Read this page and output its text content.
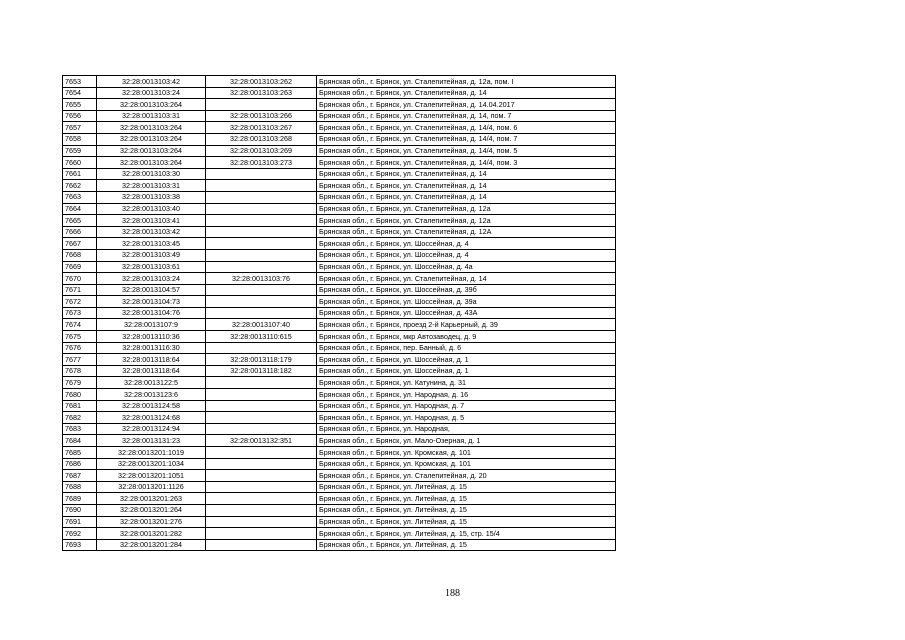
7653	32:28:0013103:42	32:28:0013103:262	Брянская обл., г. Брянск, ул. Сталепитейная, д. 12а, пом. I
7654	32:28:0013103:24	32:28:0013103:263	Брянская обл., г. Брянск, ул. Сталепитейная, д. 14
7655	32:28:0013103:264		Брянская обл., г. Брянск, ул. Сталепитейная, д. 14.04.2017
7656	32:28:0013103:31	32:28:0013103:266	Брянская обл., г. Брянск, ул. Сталепитейная, д. 14, пом. 7
7657	32:28:0013103:264	32:28:0013103:267	Брянская обл., г. Брянск, ул. Сталепитейная, д. 14/4, пом. 6
7658	32:28:0013103:264	32:28:0013103:268	Брянская обл., г. Брянск, ул. Сталепитейная, д. 14/4, пом. 7
7659	32:28:0013103:264	32:28:0013103:269	Брянская обл., г. Брянск, ул. Сталепитейная, д. 14/4, пом. 5
7660	32:28:0013103:264	32:28:0013103:273	Брянская обл., г. Брянск, ул. Сталепитейная, д. 14/4, пом. 3
7661	32:28:0013103:30		Брянская обл., г. Брянск, ул. Сталепитейная, д. 14
7662	32:28:0013103:31		Брянская обл., г. Брянск, ул. Сталепитейная, д. 14
7663	32:28:0013103:38		Брянская обл., г. Брянск, ул. Сталепитейная, д. 14
7664	32:28:0013103:40		Брянская обл., г. Брянск, ул. Сталепитейная, д. 12а
7665	32:28:0013103:41		Брянская обл., г. Брянск, ул. Сталепитейная, д. 12а
7666	32:28:0013103:42		Брянская обл., г. Брянск, ул. Сталепитейная, д. 12А
7667	32:28:0013103:45		Брянская обл., г. Брянск, ул. Шоссейная, д. 4
7668	32:28:0013103:49		Брянская обл., г. Брянск, ул. Шоссейная, д. 4
7669	32:28:0013103:61		Брянская обл., г. Брянск, ул. Шоссейная, д. 4а
7670	32:28:0013103:24	32:28:0013103:76	Брянская обл., г. Брянск, ул. Сталепитейная, д. 14
7671	32:28:0013104:57		Брянская обл., г. Брянск, ул. Шоссейная, д. 39б
7672	32:28:0013104:73		Брянская обл., г. Брянск, ул. Шоссейная, д. 39а
7673	32:28:0013104:76		Брянская обл., г. Брянск, ул. Шоссейная, д. 43А
7674	32:28:0013107:9	32:28:0013107:40	Брянская обл., г. Брянск, проезд 2-й Карьерный, д. 39
7675	32:28:0013110:36	32:28:0013110:615	Брянская обл., г. Брянск, мкр Автозаводец, д. 9
7676	32:28:0013116:30		Брянская обл., г. Брянск, пер. Банный, д. 6
7677	32:28:0013118:64	32:28:0013118:179	Брянская обл., г. Брянск, ул. Шоссейная, д. 1
7678	32:28:0013118:64	32:28:0013118:182	Брянская обл., г. Брянск, ул. Шоссейная, д. 1
7679	32:28:0013122:5		Брянская обл., г. Брянск, ул. Катунина, д. 31
7680	32:28:0013123:6		Брянская обл., г. Брянск, ул. Народная, д. 16
7681	32:28:0013124:58		Брянская обл., г. Брянск, ул. Народная, д. 7
7682	32:28:0013124:68		Брянская обл., г. Брянск, ул. Народная, д. 5
7683	32:28:0013124:94		Брянская обл., г. Брянск, ул. Народная,
7684	32:28:0013131:23	32:28:0013132:351	Брянская обл., г. Брянск, ул. Мало-Озерная, д. 1
7685	32:28:0013201:1019		Брянская обл., г. Брянск, ул. Кромская, д. 101
7686	32:28:0013201:1034		Брянская обл., г. Брянск, ул. Кромская, д. 101
7687	32:28:0013201:1051		Брянская обл., г. Брянск, ул. Сталепитейная, д. 20
7688	32:28:0013201:1126		Брянская обл., г. Брянск, ул. Литейная, д. 15
7689	32:28:0013201:263		Брянская обл., г. Брянск, ул. Литейная, д. 15
7690	32:28:0013201:264		Брянская обл., г. Брянск, ул. Литейная, д. 15
7691	32:28:0013201:276		Брянская обл., г. Брянск, ул. Литейная, д. 15
7692	32:28:0013201:282		Брянская обл., г. Брянск, ул. Литейная, д. 15, стр. 15/4
7693	32:28:0013201:284		Брянская обл., г. Брянск, ул. Литейная, д. 15
188
